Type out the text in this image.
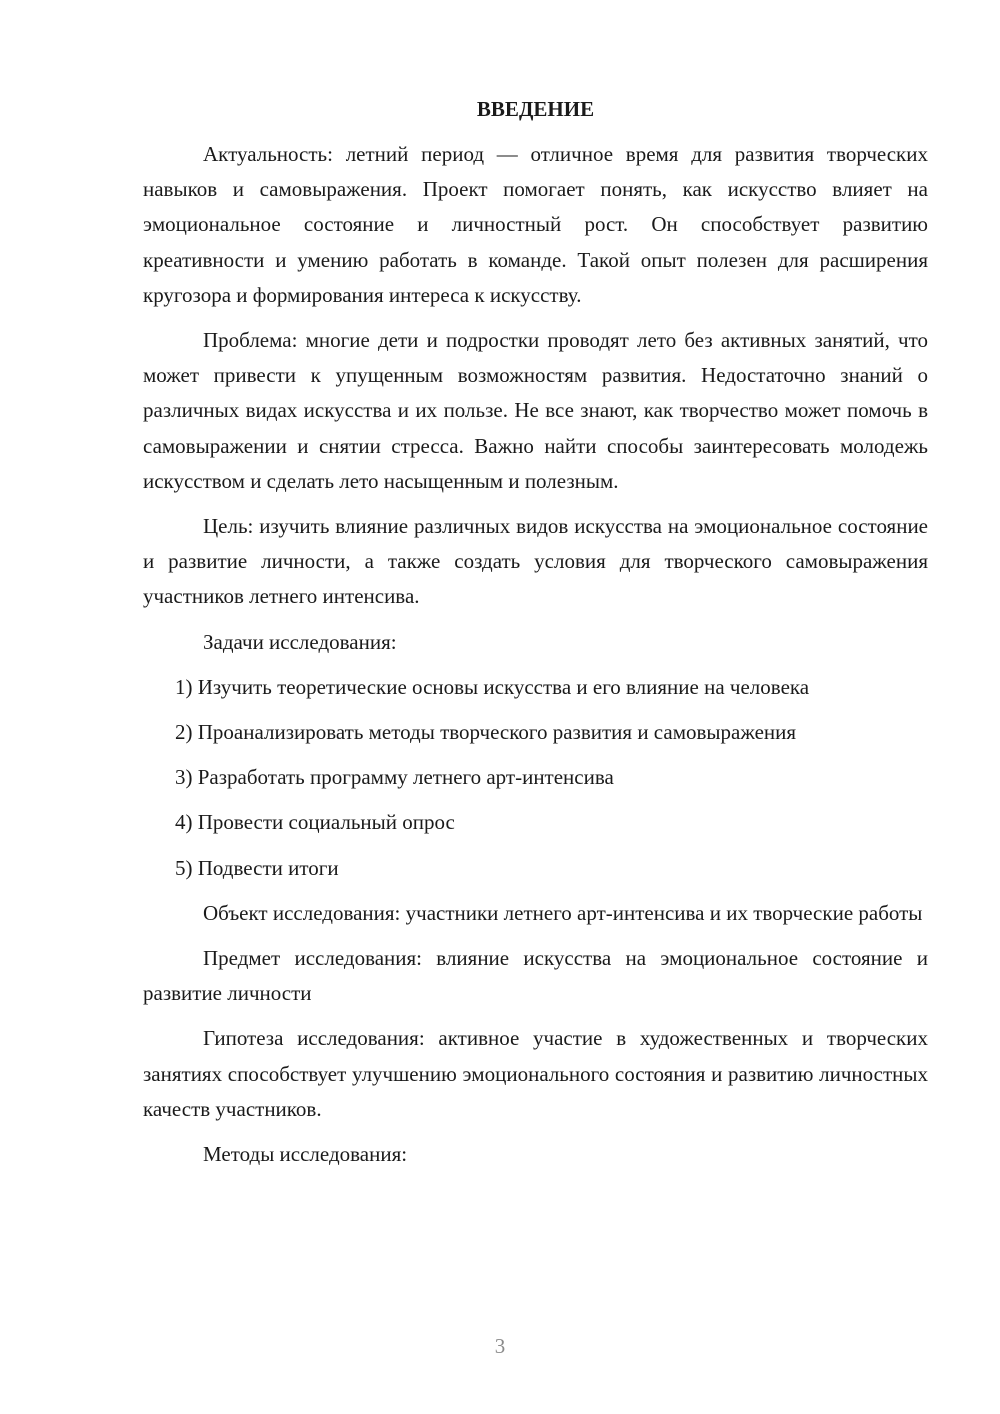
ВВЕДЕНИЕ

Актуальность: летний период — отличное время для развития творческих навыков и самовыражения. Проект помогает понять, как искусство влияет на эмоциональное состояние и личностный рост. Он способствует развитию креативности и умению работать в команде. Такой опыт полезен для расширения кругозора и формирования интереса к искусству.

Проблема: многие дети и подростки проводят лето без активных занятий, что может привести к упущенным возможностям развития. Недостаточно знаний о различных видах искусства и их пользе. Не все знают, как творчество может помочь в самовыражении и снятии стресса. Важно найти способы заинтересовать молодежь искусством и сделать лето насыщенным и полезным.

Цель: изучить влияние различных видов искусства на эмоциональное состояние и развитие личности, а также создать условия для творческого самовыражения участников летнего интенсива.

Задачи исследования:

1) Изучить теоретические основы искусства и его влияние на человека
2) Проанализировать методы творческого развития и самовыражения
3) Разработать программу летнего арт-интенсива
4) Провести социальный опрос
5) Подвести итоги

Объект исследования: участники летнего арт-интенсива и их творческие работы

Предмет исследования: влияние искусства на эмоциональное состояние и развитие личности

Гипотеза исследования: активное участие в художественных и творческих занятиях способствует улучшению эмоционального состояния и развитию личностных качеств участников.

Методы исследования:

3
